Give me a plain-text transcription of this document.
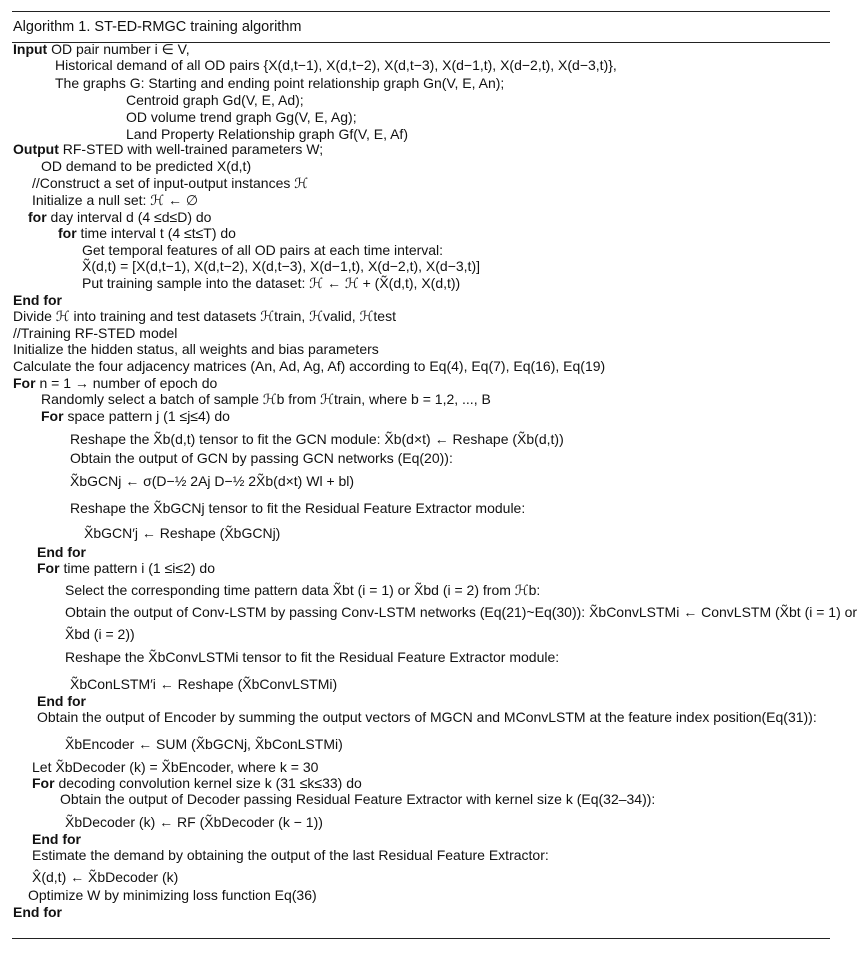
Algorithm 1. ST-ED-RMGC training algorithm
Input OD pair number i ∈ V,
Historical demand of all OD pairs {X(d,t−1), X(d,t−2), X(d,t−3), X(d−1,t), X(d−2,t), X(d−3,t)},
The graphs G: Starting and ending point relationship graph Gn(V, E, An);
Centroid graph Gd(V, E, Ad);
OD volume trend graph Gg(V, E, Ag);
Land Property Relationship graph Gf(V, E, Af)
Output RF-STED with well-trained parameters W;
OD demand to be predicted X(d,t)
//Construct a set of input-output instances ℋ
Initialize a null set: ℋ ← ∅
for day interval d (4 ≤d≤D) do
for time interval t (4 ≤t≤T) do
Get temporal features of all OD pairs at each time interval:
X̃(d,t) = [X(d,t−1), X(d,t−2), X(d,t−3), X(d−1,t), X(d−2,t), X(d−3,t)]
Put training sample into the dataset: ℋ ← ℋ + (X̃(d,t), X(d,t))
End for
Divide ℋ into training and test datasets ℋtrain, ℋvalid, ℋtest
//Training RF-STED model
Initialize the hidden status, all weights and bias parameters
Calculate the four adjacency matrices (An, Ad, Ag, Af) according to Eq(4), Eq(7), Eq(16), Eq(19)
For n = 1 → number of epoch do
Randomly select a batch of sample ℋb from ℋtrain, where b = 1,2, ..., B
For space pattern j (1 ≤j≤4) do
Reshape the X̃b(d,t) tensor to fit the GCN module: X̃b(d×t) ← Reshape (X̃b(d,t))
Obtain the output of GCN by passing GCN networks (Eq(20)):
X̃bGCNj ← σ(D−½ 2Aj D−½ 2X̃b(d×t) Wl + bl)
Reshape the X̃bGCNj tensor to fit the Residual Feature Extractor module:
X̃bGCN′j ← Reshape (X̃bGCNj)
End for
For time pattern i (1 ≤i≤2) do
Select the corresponding time pattern data X̃bt (i = 1) or X̃bd (i = 2) from ℋb:
Obtain the output of Conv-LSTM by passing Conv-LSTM networks (Eq(21)~Eq(30)): X̃bConvLSTMi ← ConvLSTM (X̃bt (i = 1) or
X̃bd (i = 2))
Reshape the X̃bConvLSTMi tensor to fit the Residual Feature Extractor module:
X̃bConLSTM′i ← Reshape (X̃bConvLSTMi)
End for
Obtain the output of Encoder by summing the output vectors of MGCN and MConvLSTM at the feature index position(Eq(31)):
X̃bEncoder ← SUM (X̃bGCNj, X̃bConLSTMi)
Let X̃bDecoder (k) = X̃bEncoder, where k = 30
For decoding convolution kernel size k (31 ≤k≤33) do
Obtain the output of Decoder passing Residual Feature Extractor with kernel size k (Eq(32–34)):
X̃bDecoder (k) ← RF (X̃bDecoder (k − 1))
End for
Estimate the demand by obtaining the output of the last Residual Feature Extractor:
X̂(d,t) ← X̃bDecoder (k)
Optimize W by minimizing loss function Eq(36)
End for
